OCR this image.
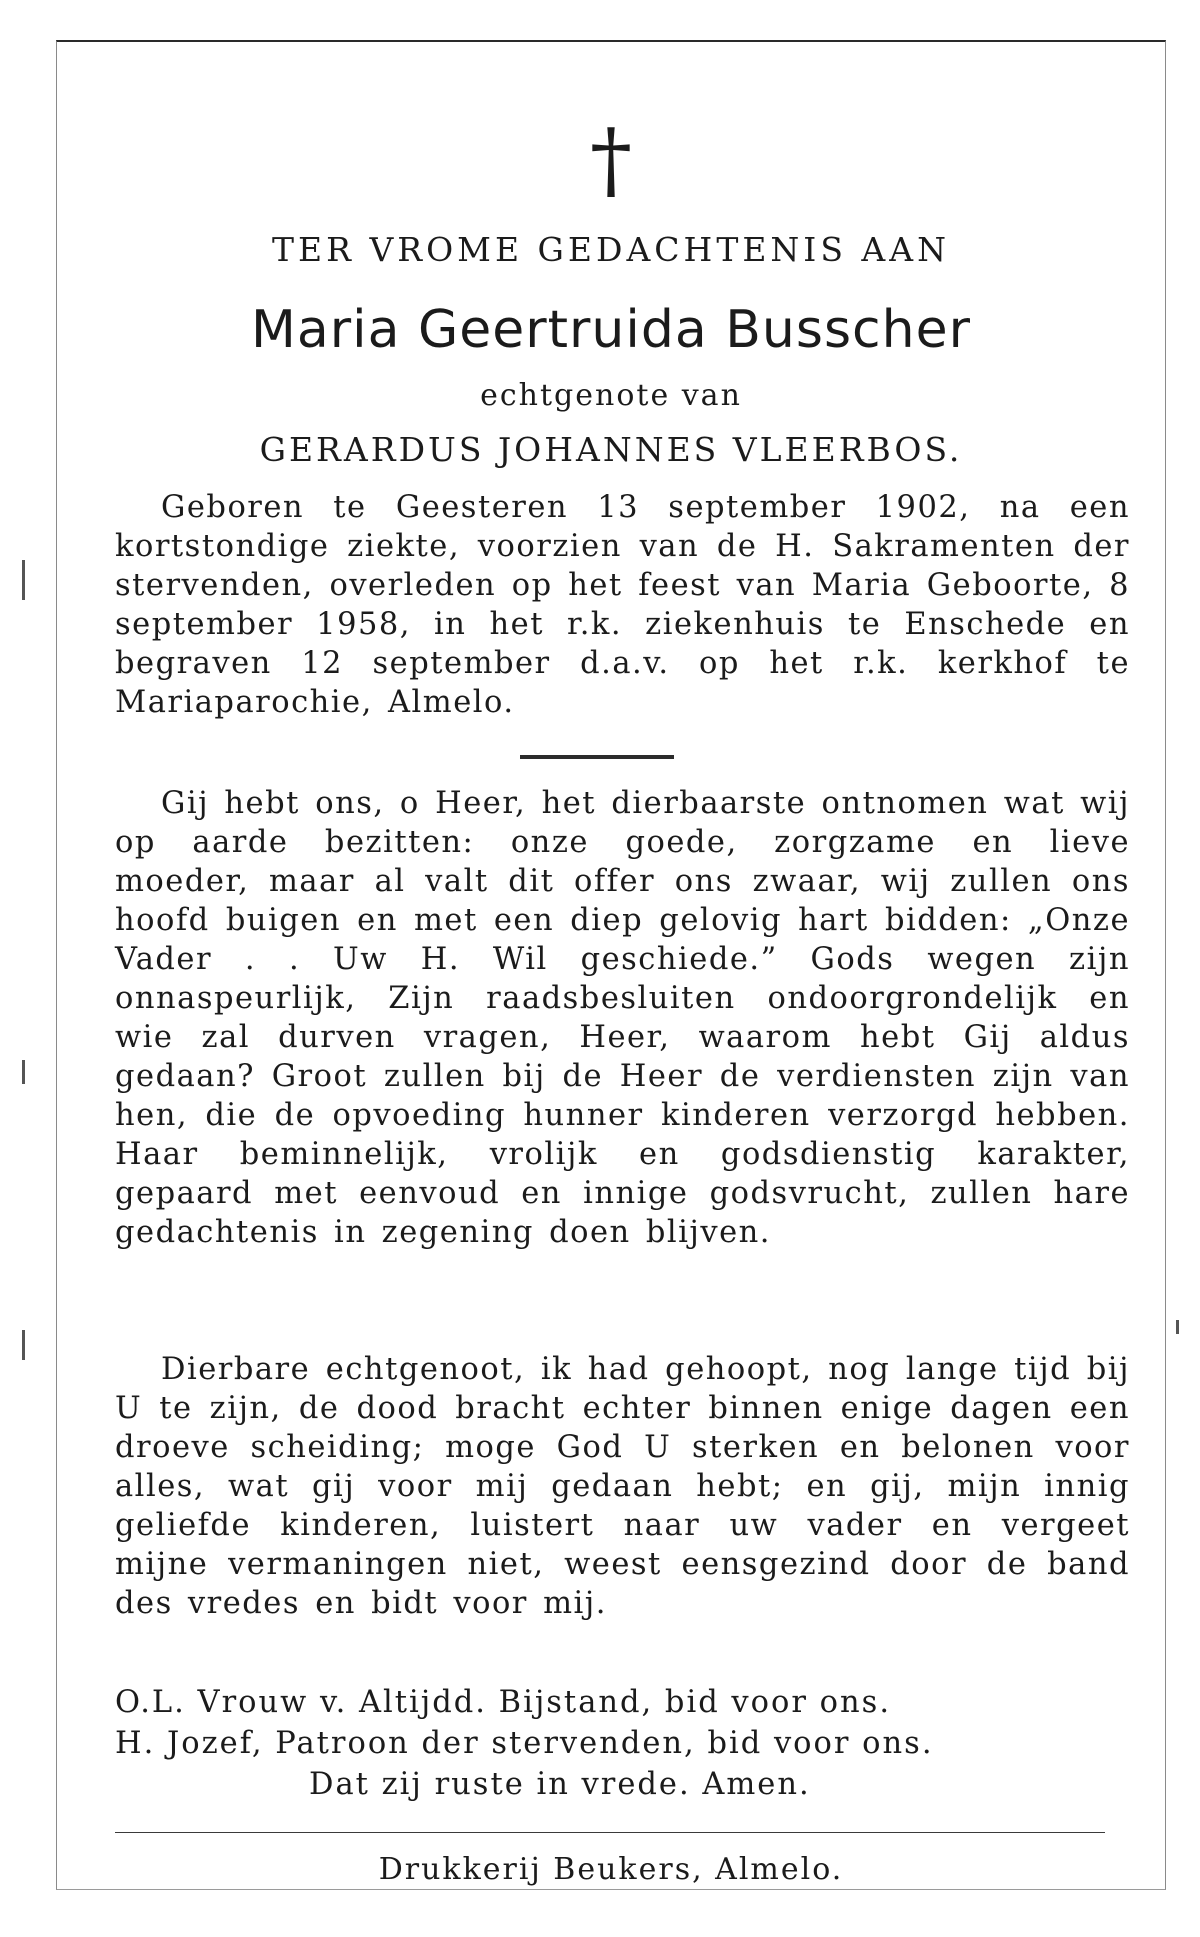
†
TER VROME GEDACHTENIS AAN
Maria Geertruida Busscher
echtgenote van
GERARDUS JOHANNES VLEERBOS.

Geboren te Geesteren 13 september 1902, na een kortstondige ziekte, voorzien van de H. Sakramenten der stervenden, overleden op het feest van Maria Geboorte, 8 september 1958, in het r.k. ziekenhuis te Enschede en begraven 12 september d.a.v. op het r.k. kerkhof te Mariaparochie, Almelo.

Gij hebt ons, o Heer, het dierbaarste ontnomen wat wij op aarde bezitten: onze goede, zorgzame en lieve moeder, maar al valt dit offer ons zwaar, wij zullen ons hoofd buigen en met een diep gelovig hart bidden: „Onze Vader . . Uw H. Wil geschiede.” Gods wegen zijn onnaspeurlijk, Zijn raadsbesluiten ondoorgrondelijk en wie zal durven vragen, Heer, waarom hebt Gij aldus gedaan? Groot zullen bij de Heer de verdiensten zijn van hen, die de opvoeding hunner kinderen verzorgd hebben. Haar beminnelijk, vrolijk en godsdienstig karakter, gepaard met eenvoud en innige godsvrucht, zullen hare gedachtenis in zegening doen blijven.

Dierbare echtgenoot, ik had gehoopt, nog lange tijd bij U te zijn, de dood bracht echter binnen enige dagen een droeve scheiding; moge God U sterken en belonen voor alles, wat gij voor mij gedaan hebt; en gij, mijn innig geliefde kinderen, luistert naar uw vader en vergeet mijne vermaningen niet, weest eensgezind door de band des vredes en bidt voor mij.

O.L. Vrouw v. Altijdd. Bijstand, bid voor ons.
H. Jozef, Patroon der stervenden, bid voor ons.
Dat zij ruste in vrede. Amen.
Drukkerij Beukers, Almelo.
